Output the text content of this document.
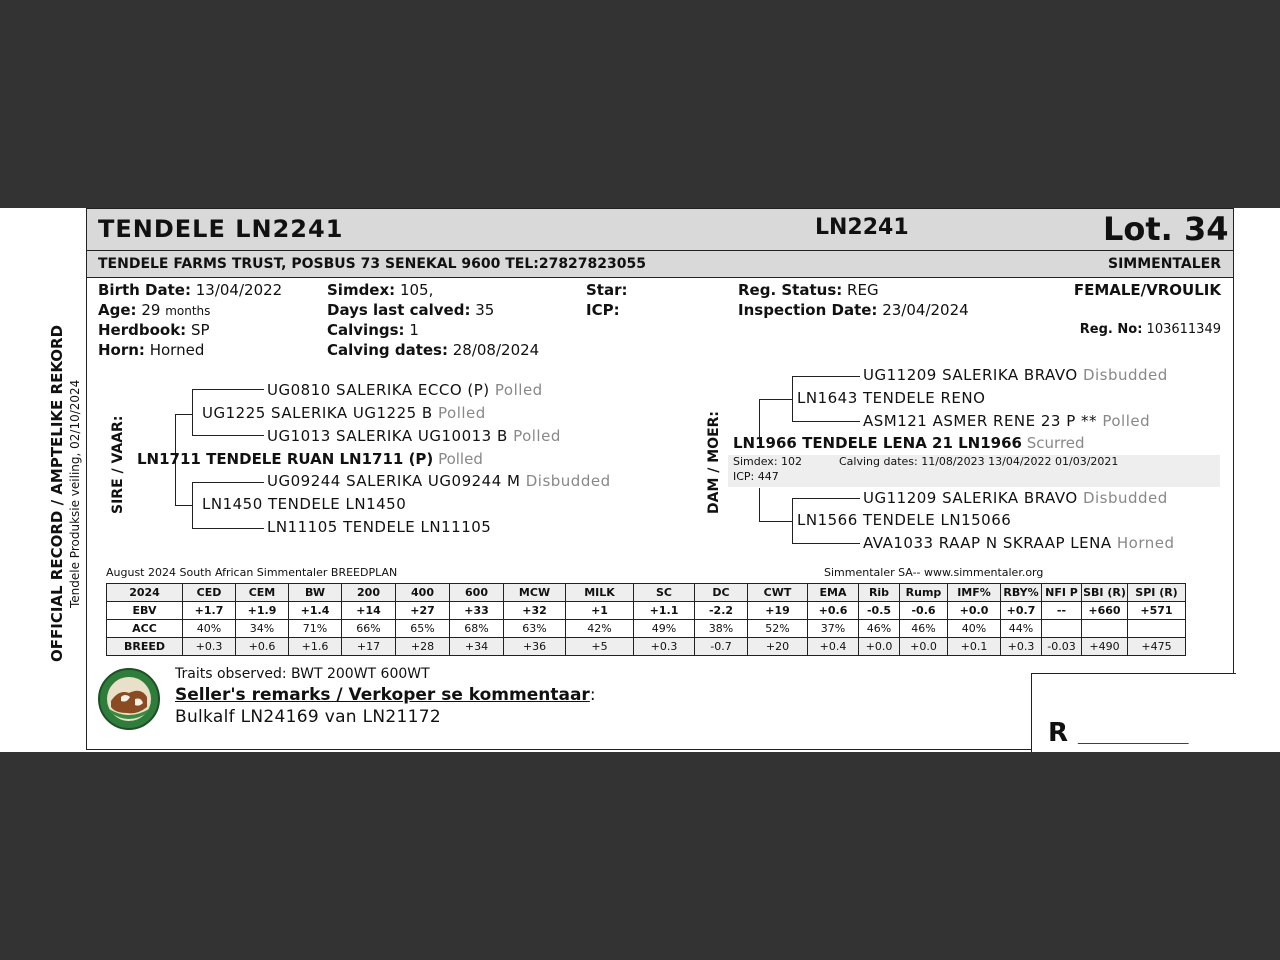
OFFICIAL RECORD / AMPTELIKE REKORD Tendele Produksie veiling, 02/10/2024
TENDELE LN2241	LN2241	Lot. 34
TENDELE FARMS TRUST, POSBUS 73 SENEKAL 9600 TEL:27827823055	SIMMENTALER
Birth Date: 13/04/2022
Age: 29 months
Herdbook: SP
Horn: Horned
Simdex: 105,
Days last calved: 35
Calvings: 1
Calving dates: 28/08/2024
Star:
ICP:
Reg. Status: REG
Inspection Date: 23/04/2024
FEMALE/VROULIK
Reg. No: 103611349
SIRE / VAAR:
UG0810 SALERIKA ECCO (P) Polled
UG1225 SALERIKA UG1225 B Polled
UG1013 SALERIKA UG10013 B Polled
LN1711 TENDELE RUAN LN1711 (P) Polled
UG09244 SALERIKA UG09244 M Disbudded
LN1450 TENDELE LN1450
LN11105 TENDELE LN11105
DAM / MOER:
UG11209 SALERIKA BRAVO Disbudded
LN1643 TENDELE RENO
ASM121 ASMER RENE 23 P ** Polled
LN1966 TENDELE LENA 21 LN1966 Scurred
Simdex: 102	Calving dates: 11/08/2023 13/04/2022 01/03/2021
ICP: 447
UG11209 SALERIKA BRAVO Disbudded
LN1566 TENDELE LN15066
AVA1033 RAAP N SKRAAP LENA Horned
August 2024 South African Simmentaler BREEDPLAN	Simmentaler SA-- www.simmentaler.org
2024	CED	CEM	BW	200	400	600	MCW	MILK	SC	DC	CWT	EMA	Rib	Rump	IMF%	RBY%	NFI P	SBI (R)	SPI (R)
EBV	+1.7	+1.9	+1.4	+14	+27	+33	+32	+1	+1.1	-2.2	+19	+0.6	-0.5	-0.6	+0.0	+0.7	--	+660	+571
ACC	40%	34%	71%	66%	65%	68%	63%	42%	49%	38%	52%	37%	46%	46%	40%	44%			
BREED	+0.3	+0.6	+1.6	+17	+28	+34	+36	+5	+0.3	-0.7	+20	+0.4	+0.0	+0.0	+0.1	+0.3	-0.03	+490	+475
Traits observed: BWT 200WT 600WT
Seller's remarks / Verkoper se kommentaar:
Bulkalf LN24169 van LN21172
R _________________
